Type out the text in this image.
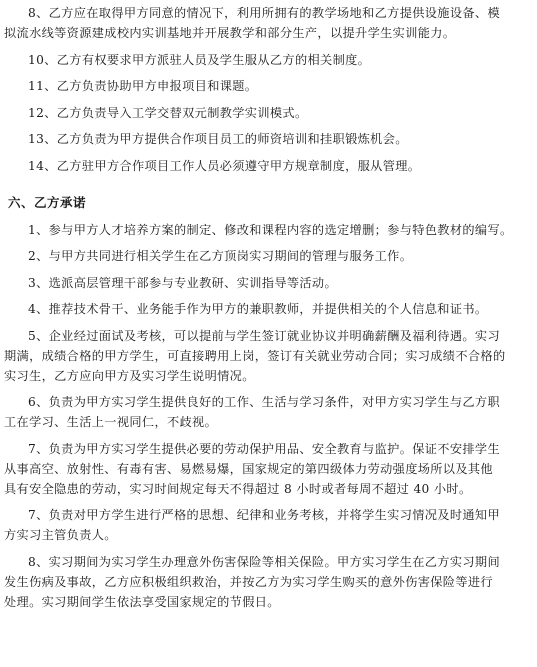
8、乙方应在取得甲方同意的情况下，利用所拥有的教学场地和乙方提供设施设备、模

拟流水线等资源建成校内实训基地并开展教学和部分生产，以提升学生实训能力。

10、乙方有权要求甲方派驻人员及学生服从乙方的相关制度。

11、乙方负责协助甲方申报项目和课题。

12、乙方负责导入工学交替双元制教学实训模式。

13、乙方负责为甲方提供合作项目员工的师资培训和挂职锻炼机会。

14、乙方驻甲方合作项目工作人员必须遵守甲方规章制度，服从管理。

六、乙方承诺

1、参与甲方人才培养方案的制定、修改和课程内容的选定增删；参与特色教材的编写。

2、与甲方共同进行相关学生在乙方顶岗实习期间的管理与服务工作。

3、选派高层管理干部参与专业教研、实训指导等活动。

4、推荐技术骨干、业务能手作为甲方的兼职教师，并提供相关的个人信息和证书。

5、企业经过面试及考核，可以提前与学生签订就业协议并明确薪酬及福利待遇。实习

期满，成绩合格的甲方学生，可直接聘用上岗，签订有关就业劳动合同；实习成绩不合格的

实习生，乙方应向甲方及实习学生说明情况。

6、负责为甲方实习学生提供良好的工作、生活与学习条件，对甲方实习学生与乙方职

工在学习、生活上一视同仁，不歧视。

7、负责为甲方实习学生提供必要的劳动保护用品、安全教育与监护。保证不安排学生

从事高空、放射性、有毒有害、易燃易爆，国家规定的第四级体力劳动强度场所以及其他

具有安全隐患的劳动，实习时间规定每天不得超过 8 小时或者每周不超过 40 小时。

7、负责对甲方学生进行严格的思想、纪律和业务考核，并将学生实习情况及时通知甲

方实习主管负责人。

8、实习期间为实习学生办理意外伤害保险等相关保险。甲方实习学生在乙方实习期间

发生伤病及事故，乙方应积极组织救治，并按乙方为实习学生购买的意外伤害保险等进行

处理。实习期间学生依法享受国家规定的节假日。
